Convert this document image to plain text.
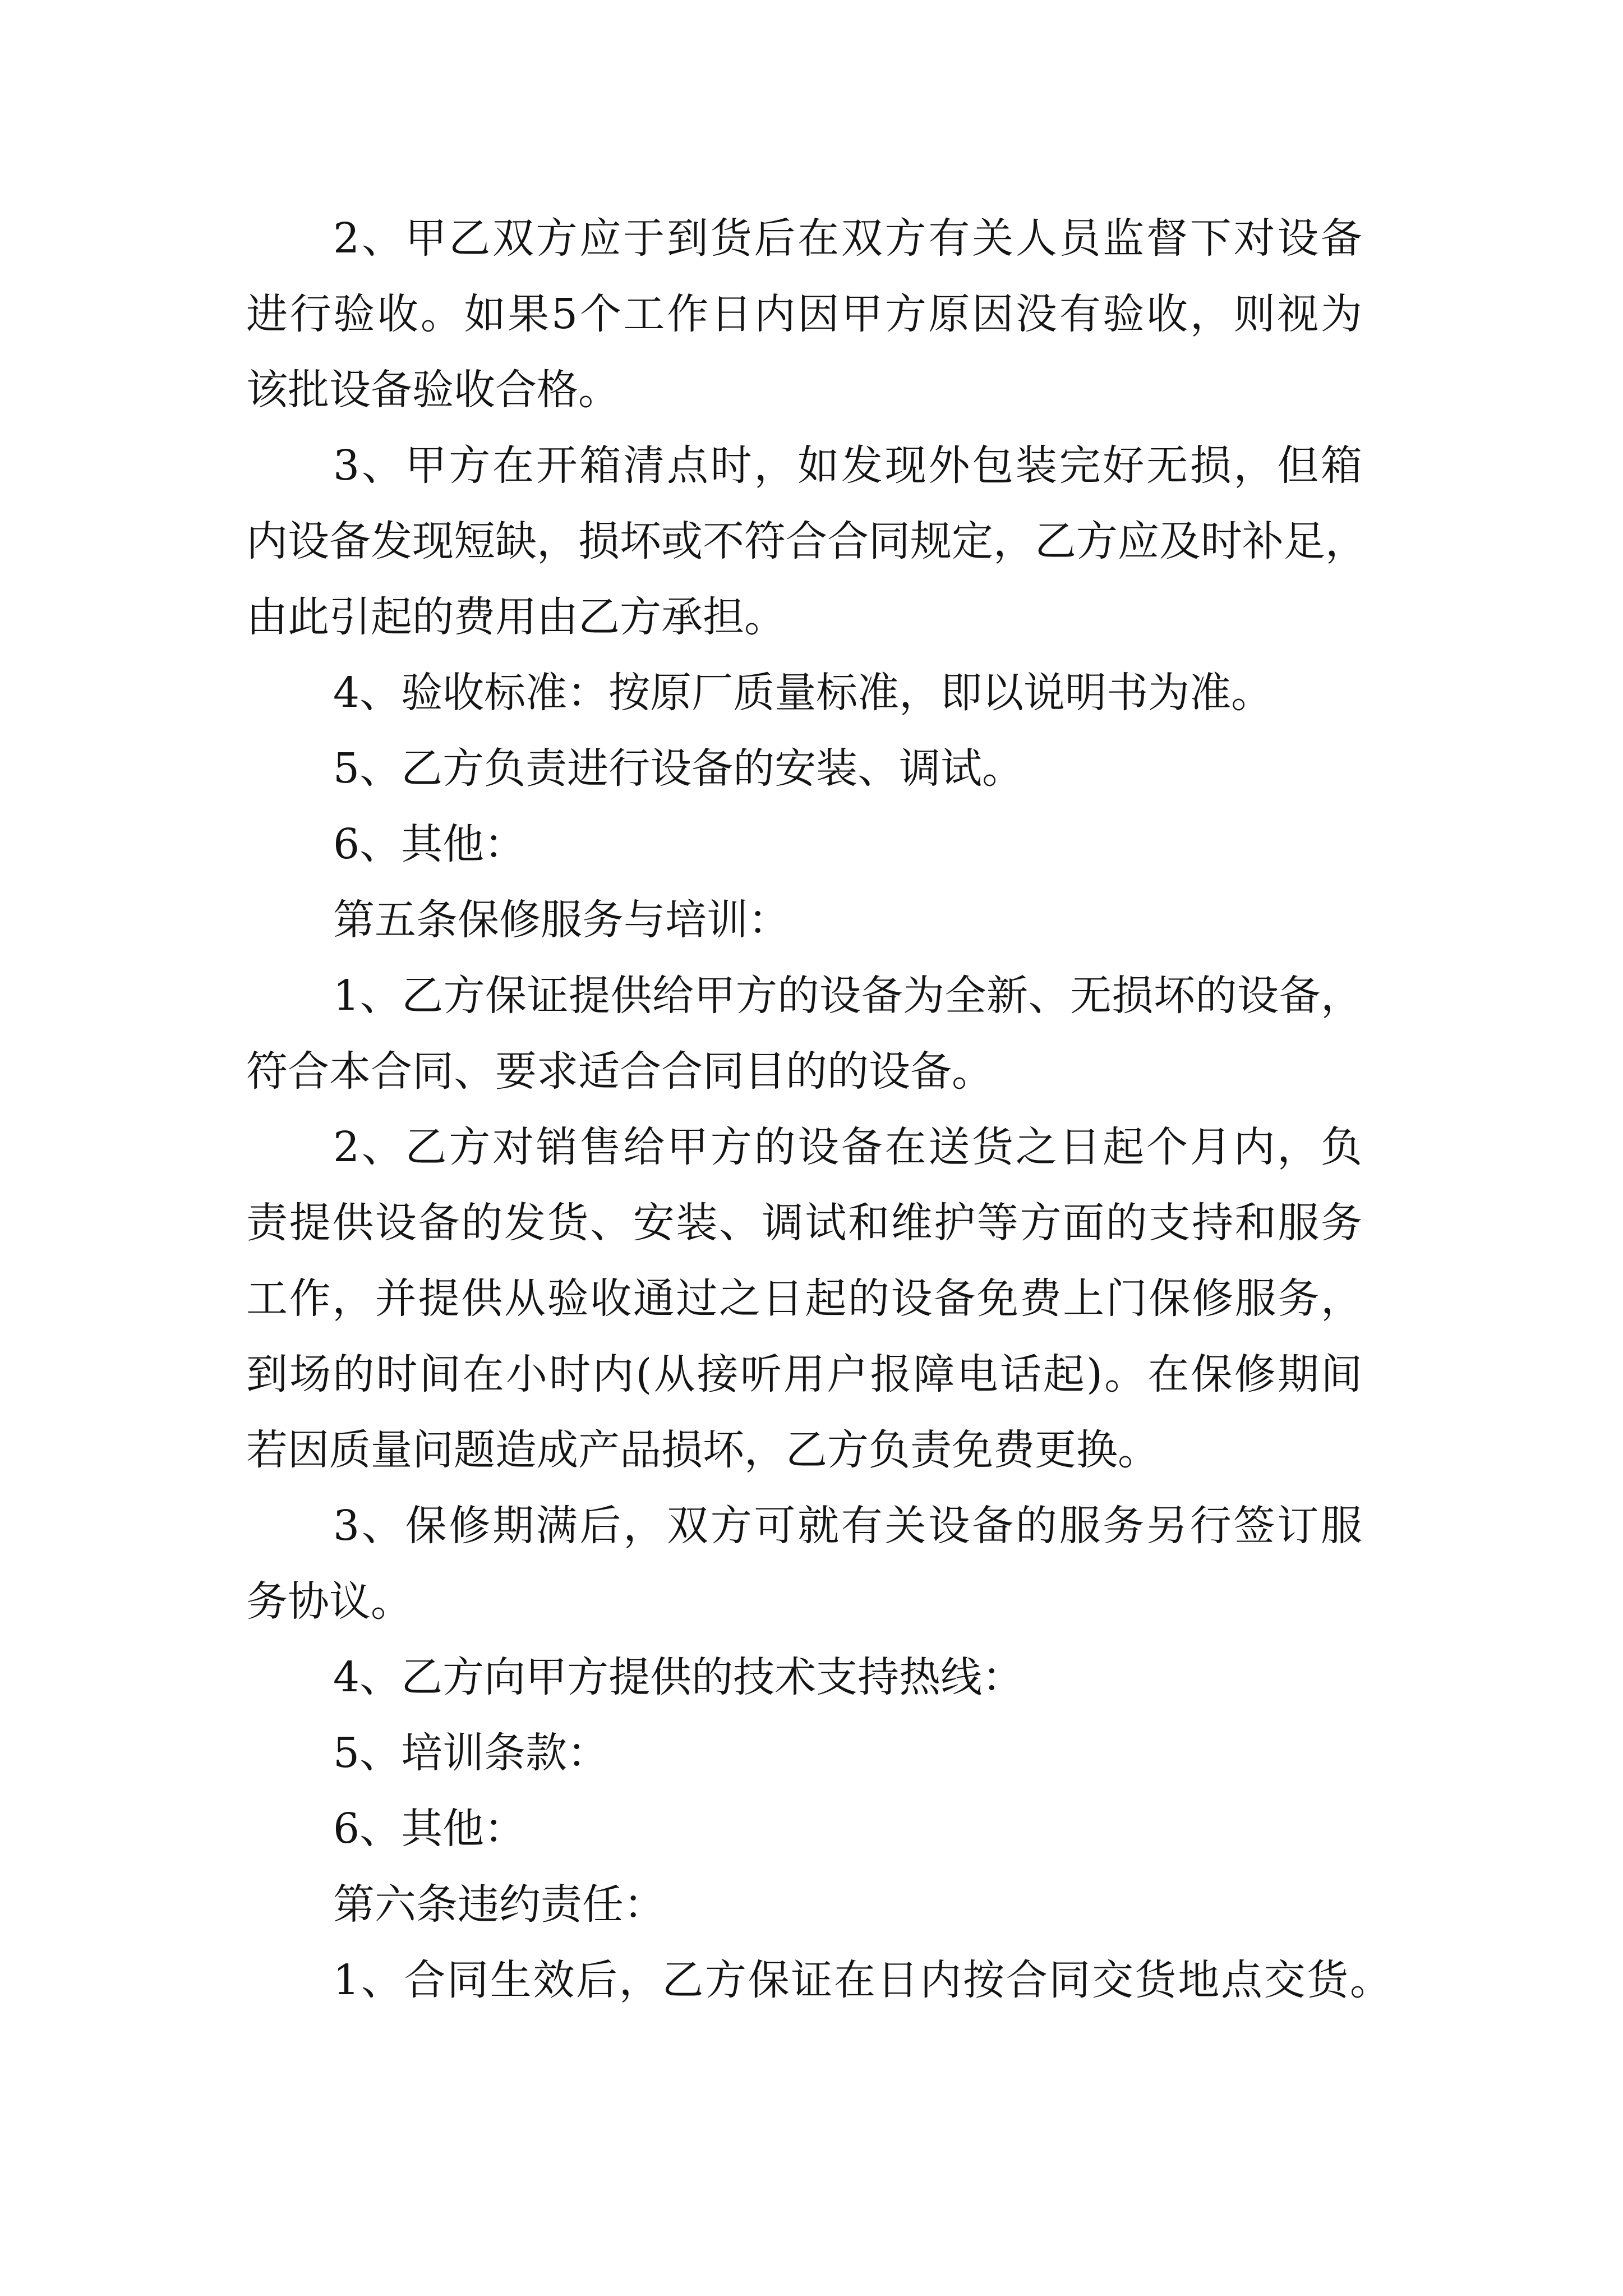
2、甲乙双方应于到货后在双方有关人员监督下对设备
进行验收。如果5个工作日内因甲方原因没有验收，则视为
该批设备验收合格。
3、甲方在开箱清点时，如发现外包装完好无损，但箱
内设备发现短缺，损坏或不符合合同规定，乙方应及时补足，
由此引起的费用由乙方承担。
4、验收标准：按原厂质量标准，即以说明书为准。
5、乙方负责进行设备的安装、调试。
6、其他：
第五条保修服务与培训：
1、乙方保证提供给甲方的设备为全新、无损坏的设备，
符合本合同、要求适合合同目的的设备。
2、乙方对销售给甲方的设备在送货之日起个月内，负
责提供设备的发货、安装、调试和维护等方面的支持和服务
工作，并提供从验收通过之日起的设备免费上门保修服务，
到场的时间在小时内(从接听用户报障电话起)。在保修期间
若因质量问题造成产品损坏，乙方负责免费更换。
3、保修期满后，双方可就有关设备的服务另行签订服
务协议。
4、乙方向甲方提供的技术支持热线：
5、培训条款：
6、其他：
第六条违约责任：
1、合同生效后，乙方保证在日内按合同交货地点交货。
